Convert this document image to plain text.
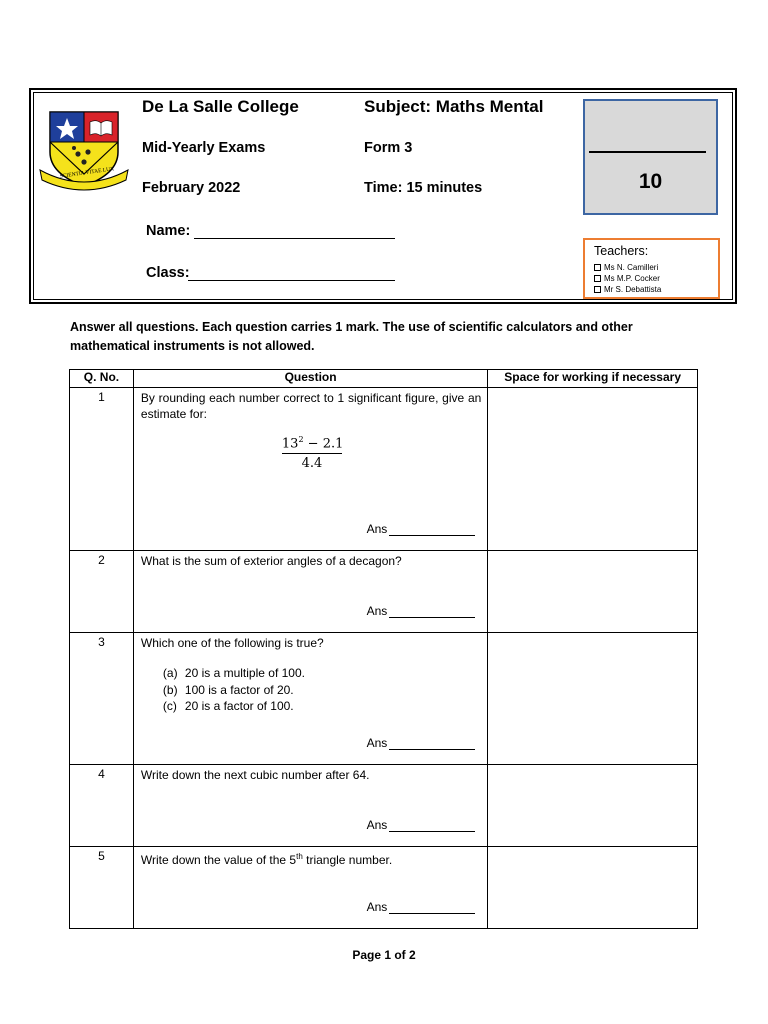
SCIENTIA VITAE LUX
De La Salle College	Subject: Maths Mental
Mid-Yearly Exams	Form 3
February 2022	Time: 15 minutes
Name:
Class:
10
Teachers:
Ms N. Camilleri
Ms M.P. Cocker
Mr S. Debattista
Answer all questions. Each question carries 1 mark. The use of scientific calculators and other
mathematical instruments is not allowed.
Q. No.	Question	Space for working if necessary
1	By rounding each number correct to 1 significant figure, give an estimate for:
$\frac{13^2 - 2.1}{4.4}$
Ans	

2	What is the sum of exterior angles of a decagon?
Ans	

3	Which one of the following is true?
(a) 20 is a multiple of 100.
(b) 100 is a factor of 20.
(c) 20 is a factor of 100.
Ans	

4	Write down the next cubic number after 64.
Ans	

5	Write down the value of the 5th triangle number.
Ans	

Page 1 of 2
